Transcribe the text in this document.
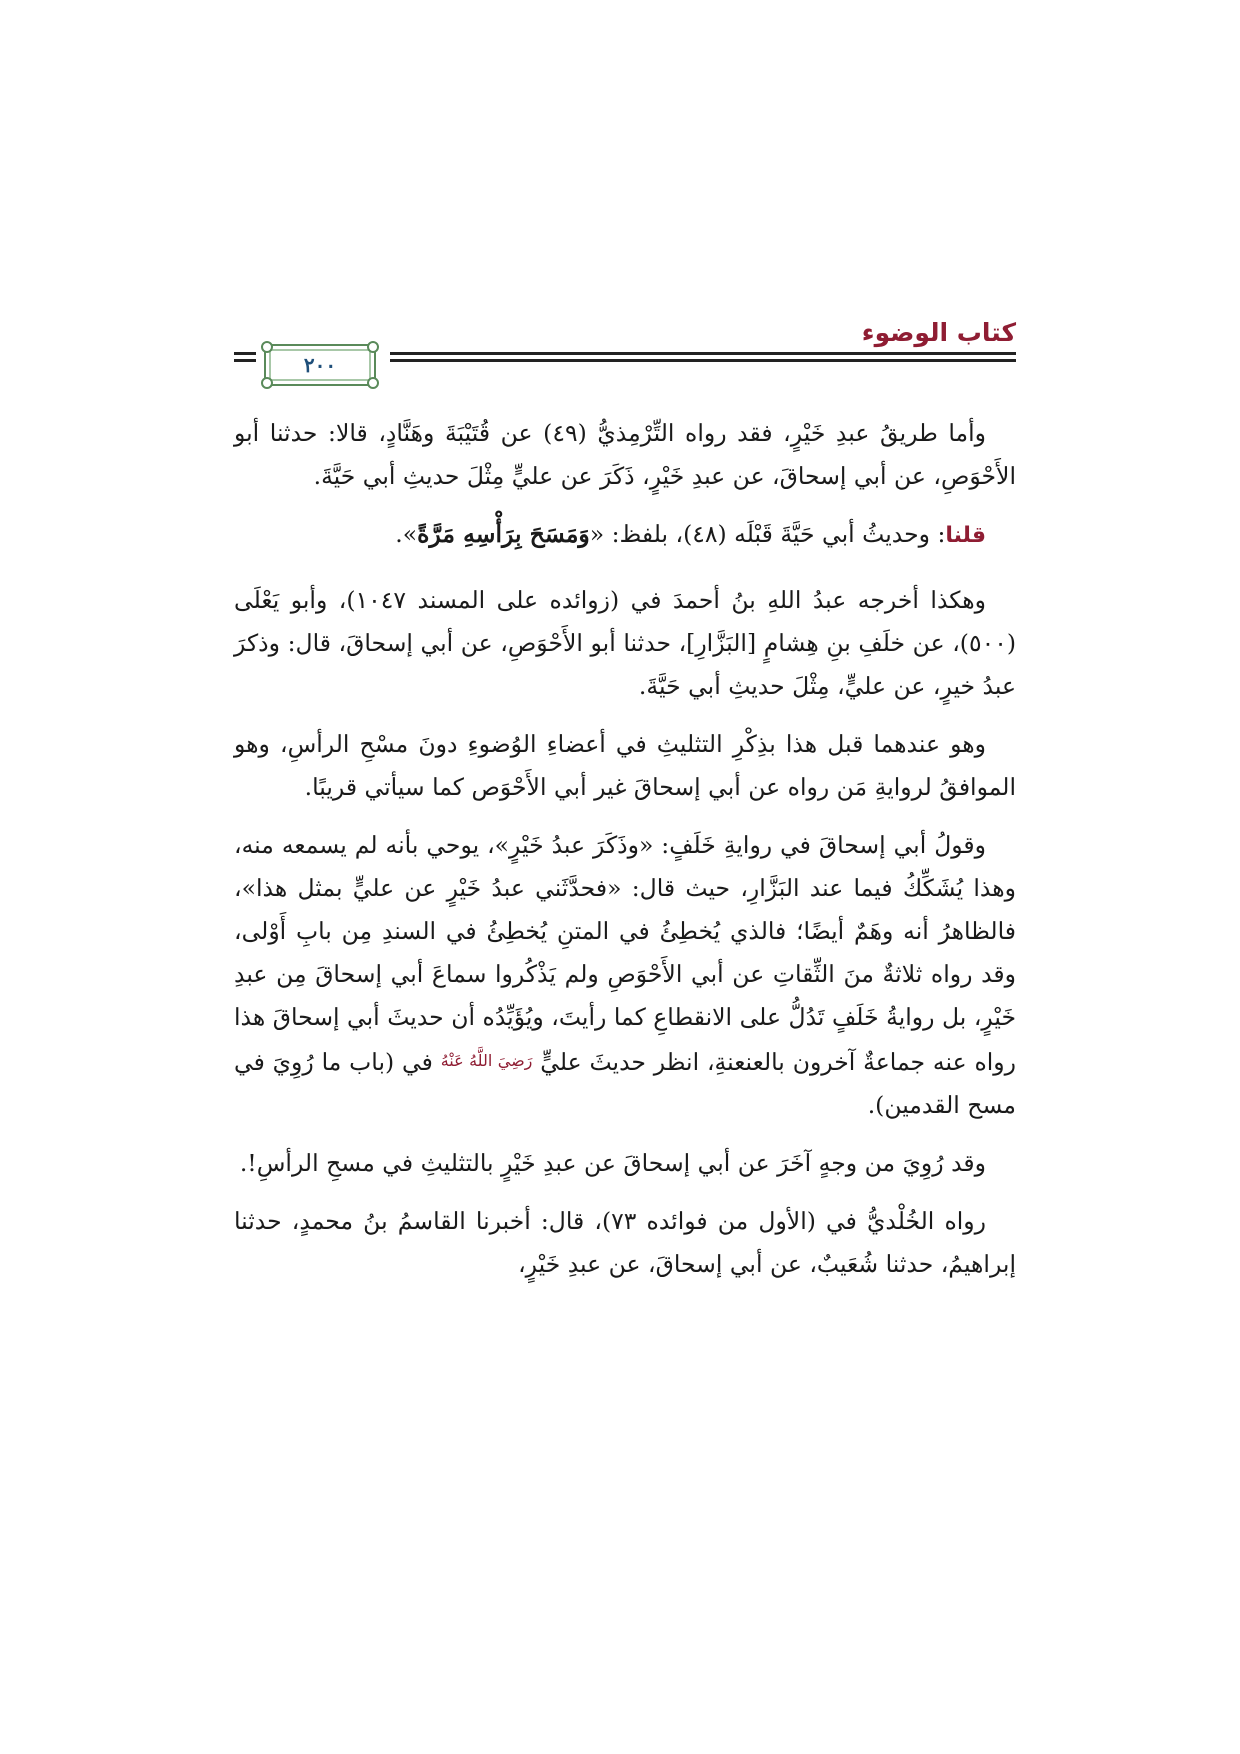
كتاب الوضوء
٢٠٠

وأما طريقُ عبدِ خَيْرٍ، فقد رواه التِّرْمِذيُّ (٤٩) عن قُتَيْبَةَ وهَنَّادٍ، قالا: حدثنا أبو الأَحْوَصِ، عن أبي إسحاقَ، عن عبدِ خَيْرٍ، ذَكَرَ عن عليٍّ مِثْلَ حديثِ أبي حَيَّةَ.

قلنا: وحديثُ أبي حَيَّةَ قَبْلَه (٤٨)، بلفظ: «وَمَسَحَ بِرَأْسِهِ مَرَّةً».

وهكذا أخرجه عبدُ اللهِ بنُ أحمدَ في (زوائده على المسند ١٠٤٧)، وأبو يَعْلَى (٥٠٠)، عن خلَفِ بنِ هِشامٍ [البَزَّارِ]، حدثنا أبو الأَحْوَصِ، عن أبي إسحاقَ، قال: وذكرَ عبدُ خيرٍ، عن عليٍّ، مِثْلَ حديثِ أبي حَيَّةَ.

وهو عندهما قبل هذا بذِكْرِ التثليثِ في أعضاءِ الوُضوءِ دونَ مسْحِ الرأسِ، وهو الموافقُ لروايةِ مَن رواه عن أبي إسحاقَ غير أبي الأَحْوَص كما سيأتي قريبًا.

وقولُ أبي إسحاقَ في روايةِ خَلَفٍ: «وذَكَرَ عبدُ خَيْرٍ»، يوحي بأنه لم يسمعه منه، وهذا يُشَكِّكُ فيما عند البَزَّارِ، حيث قال: «فحدَّثَني عبدُ خَيْرٍ عن عليٍّ بمثل هذا»، فالظاهرُ أنه وهَمٌ أيضًا؛ فالذي يُخطِئُ في المتنِ يُخطِئُ في السندِ مِن بابِ أَوْلى، وقد رواه ثلاثةٌ منَ الثِّقاتِ عن أبي الأَحْوَصِ ولم يَذْكُروا سماعَ أبي إسحاقَ مِن عبدِ خَيْرٍ، بل روايةُ خَلَفٍ تَدُلُّ على الانقطاعِ كما رأيتَ، ويُؤَيِّدُه أن حديثَ أبي إسحاقَ هذا رواه عنه جماعةٌ آخرون بالعنعنةِ، انظر حديثَ عليٍّ رَضِيَ اللَّهُ عَنْهُ في (باب ما رُوِيَ في مسح القدمين).

وقد رُوِيَ من وجهٍ آخَرَ عن أبي إسحاقَ عن عبدِ خَيْرٍ بالتثليثِ في مسحِ الرأسِ!.

رواه الخُلْديُّ في (الأول من فوائده ٧٣)، قال: أخبرنا القاسمُ بنُ محمدٍ، حدثنا إبراهيمُ، حدثنا شُعَيبٌ، عن أبي إسحاقَ، عن عبدِ خَيْرٍ،
